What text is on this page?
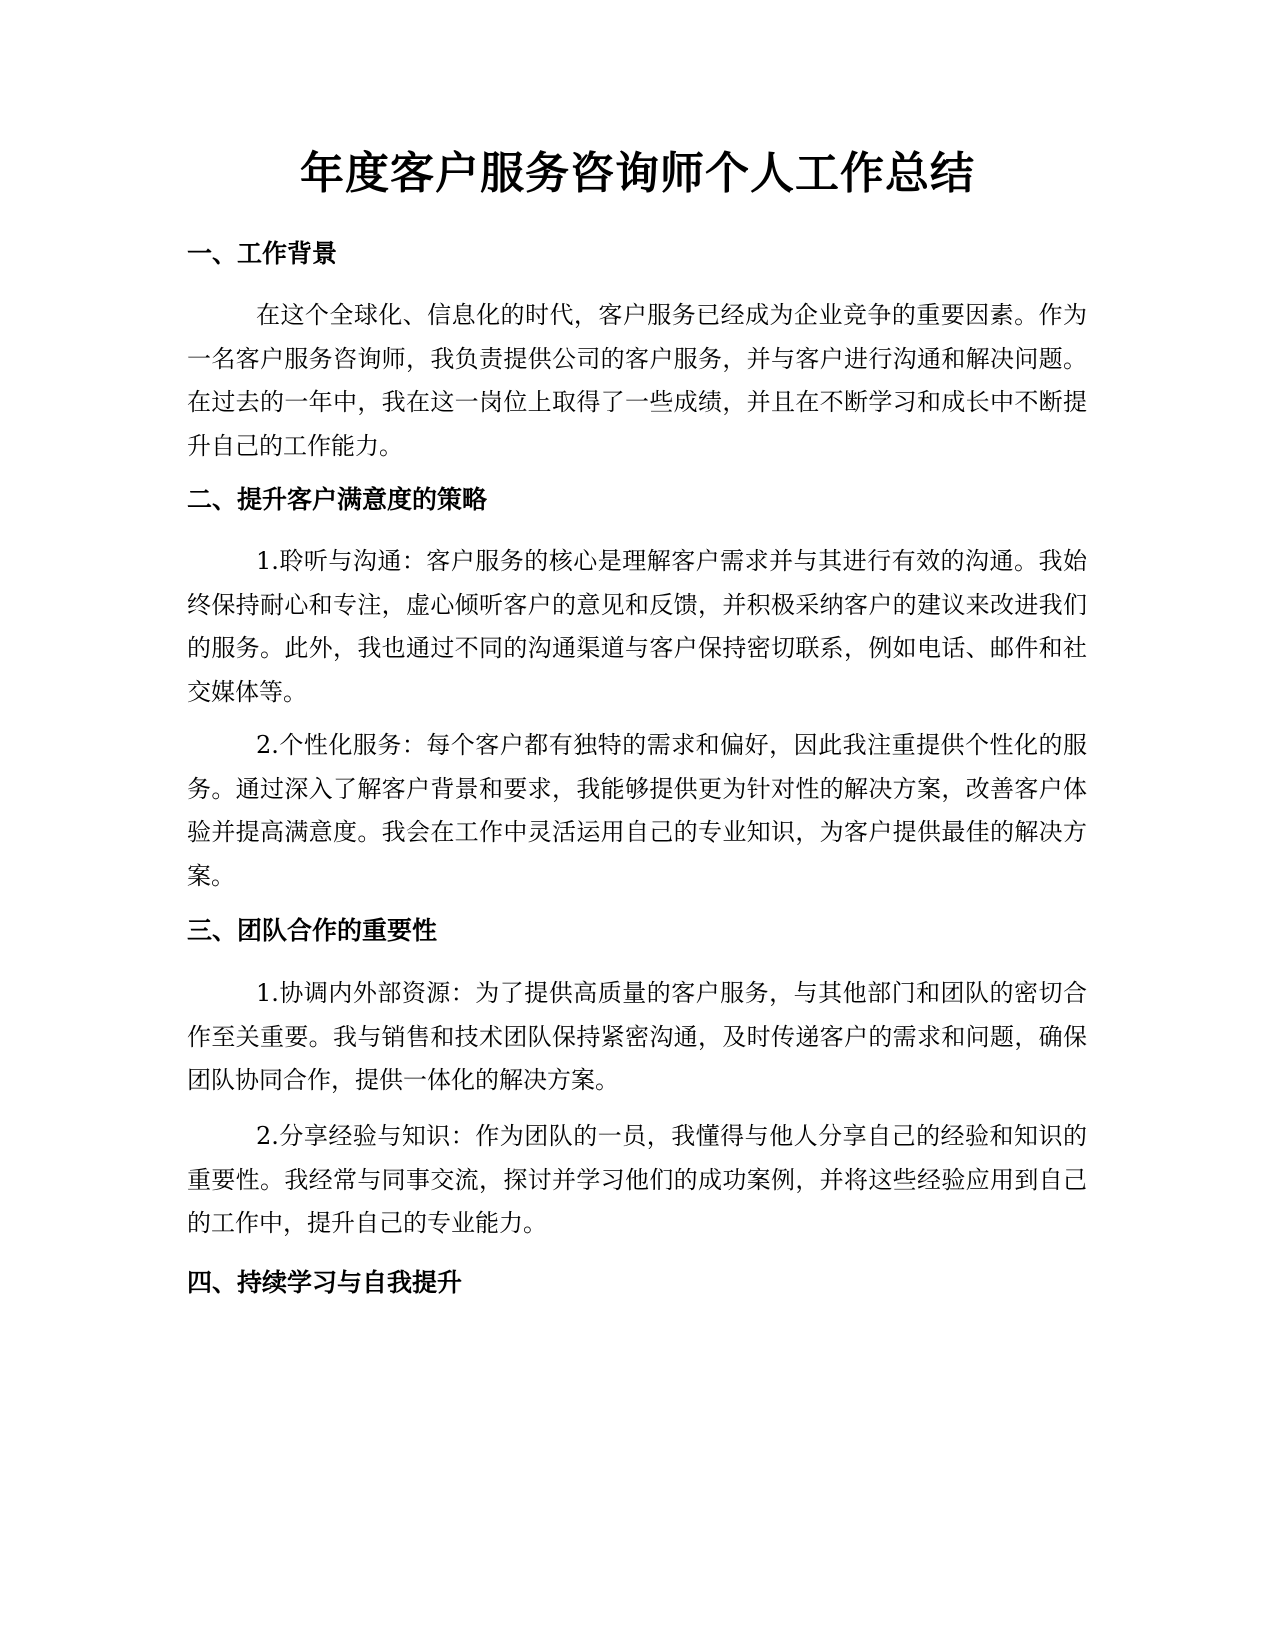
年度客户服务咨询师个人工作总结
一、工作背景

在这个全球化、信息化的时代，客户服务已经成为企业竞争的重要因素。作为一名客户服务咨询师，我负责提供公司的客户服务，并与客户进行沟通和解决问题。在过去的一年中，我在这一岗位上取得了一些成绩，并且在不断学习和成长中不断提升自己的工作能力。

二、提升客户满意度的策略

1.聆听与沟通：客户服务的核心是理解客户需求并与其进行有效的沟通。我始终保持耐心和专注，虚心倾听客户的意见和反馈，并积极采纳客户的建议来改进我们的服务。此外，我也通过不同的沟通渠道与客户保持密切联系，例如电话、邮件和社交媒体等。

2.个性化服务：每个客户都有独特的需求和偏好，因此我注重提供个性化的服务。通过深入了解客户背景和要求，我能够提供更为针对性的解决方案，改善客户体验并提高满意度。我会在工作中灵活运用自己的专业知识，为客户提供最佳的解决方案。

三、团队合作的重要性

1.协调内外部资源：为了提供高质量的客户服务，与其他部门和团队的密切合作至关重要。我与销售和技术团队保持紧密沟通，及时传递客户的需求和问题，确保团队协同合作，提供一体化的解决方案。

2.分享经验与知识：作为团队的一员，我懂得与他人分享自己的经验和知识的重要性。我经常与同事交流，探讨并学习他们的成功案例，并将这些经验应用到自己的工作中，提升自己的专业能力。

四、持续学习与自我提升
